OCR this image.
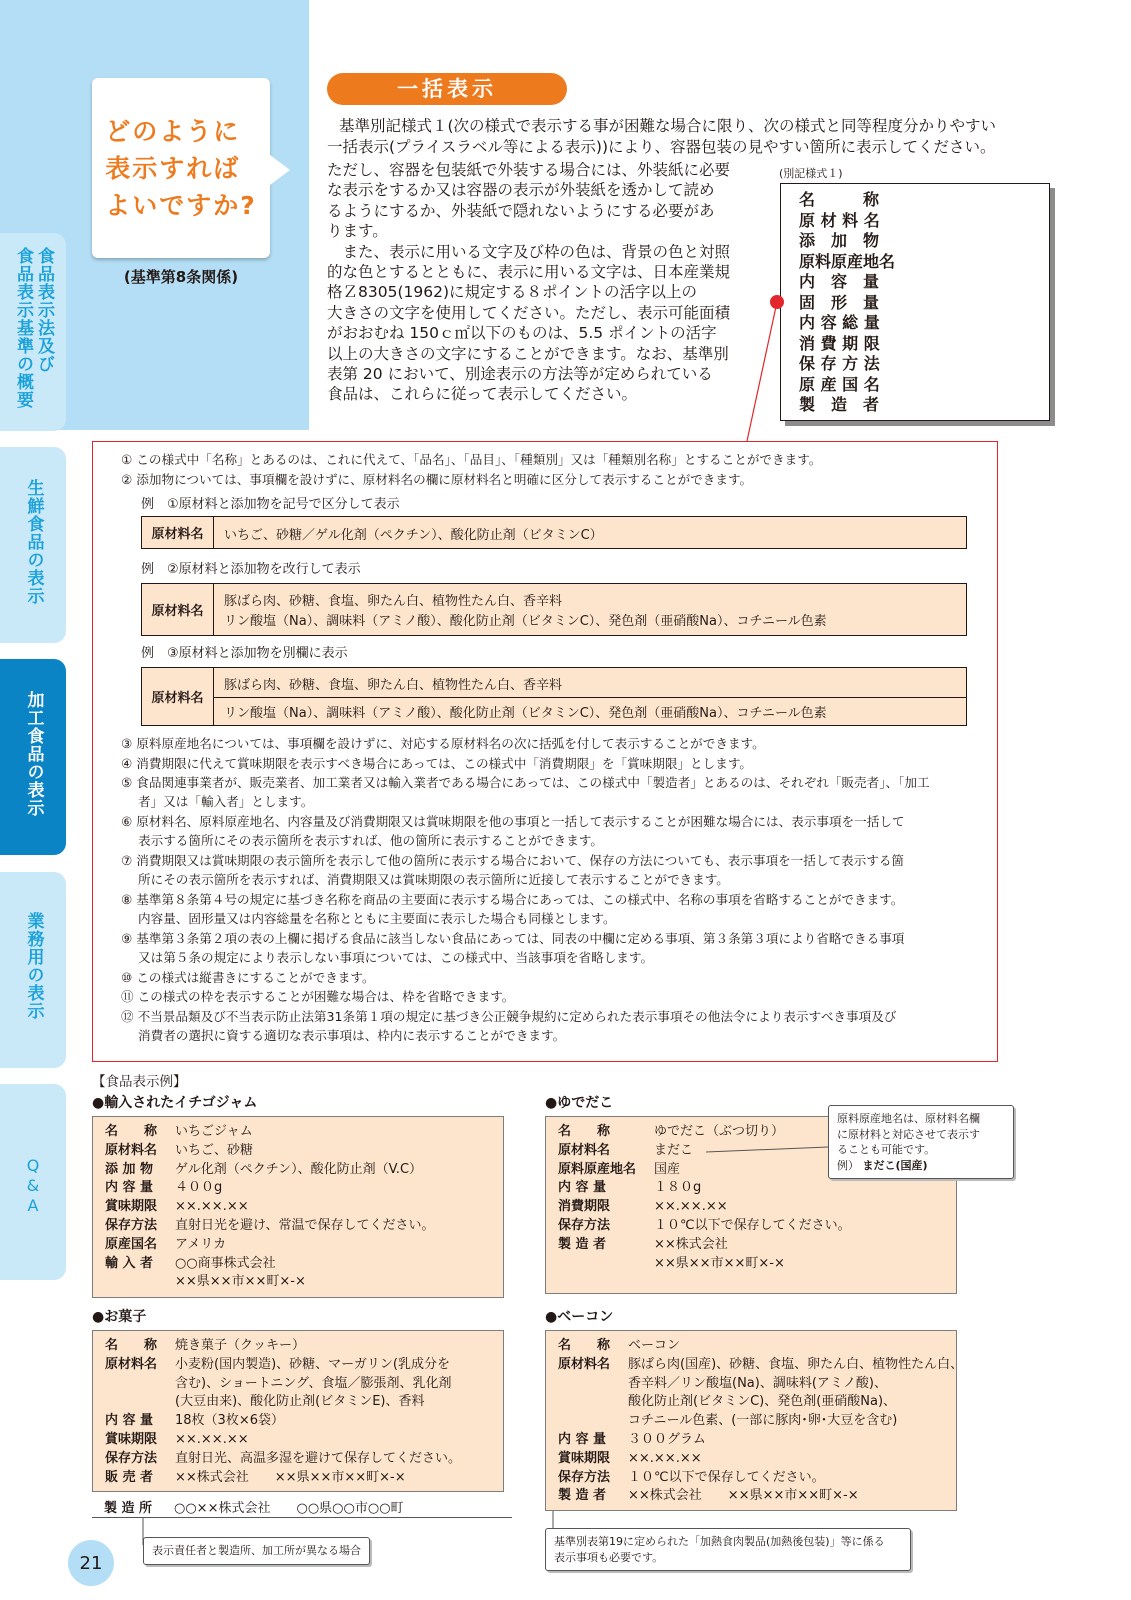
食品表示法及び
食品表示基準の概要
生鮮食品の表示
加工食品の表示
業務用の表示
Q&A
どのように
表示すれば
よいですか?
(基準第8条関係)
一括表示
基準別記様式１(次の様式で表示する事が困難な場合に限り、次の様式と同等程度分かりやすい
一括表示(プライスラベル等による表示))により、容器包装の見やすい箇所に表示してください。
ただし、容器を包装紙で外装する場合には、外装紙に必要
な表示をするか又は容器の表示が外装紙を透かして読め
るようにするか、外装紙で隠れないようにする必要があ
ります。
　また、表示に用いる文字及び枠の色は、背景の色と対照
的な色とするとともに、表示に用いる文字は、日本産業規
格Ｚ8305(1962)に規定する８ポイントの活字以上の
大きさの文字を使用してください。ただし、表示可能面積
がおおむね 150ｃ㎡以下のものは、5.5 ポイントの活字
以上の大きさの文字にすることができます。なお、基準別
表第 20 において、別途表示の方法等が定められている
食品は、これらに従って表示してください。
(別記様式１)
名　　　称
原 材 料 名
添　加　物
原料原産地名
内　容　量
固　形　量
内 容 総 量
消 費 期 限
保 存 方 法
原 産 国 名
製　造　者
① この様式中「名称」とあるのは、これに代えて、「品名」、「品目」、「種類別」又は「種類別名称」とすることができます。
② 添加物については、事項欄を設けずに、原材料名の欄に原材料名と明確に区分して表示することができます。
例　①原材料と添加物を記号で区分して表示
原材料名	いちご、砂糖／ゲル化剤（ペクチン）、酸化防止剤（ビタミンC）
例　②原材料と添加物を改行して表示
原材料名
豚ばら肉、砂糖、食塩、卵たん白、植物性たん白、香辛料
リン酸塩（Na）、調味料（アミノ酸）、酸化防止剤（ビタミンC）、発色剤（亜硝酸Na）、コチニール色素
例　③原材料と添加物を別欄に表示
原材料名
豚ばら肉、砂糖、食塩、卵たん白、植物性たん白、香辛料
リン酸塩（Na）、調味料（アミノ酸）、酸化防止剤（ビタミンC）、発色剤（亜硝酸Na）、コチニール色素
③ 原料原産地名については、事項欄を設けずに、対応する原材料名の次に括弧を付して表示することができます。
④ 消費期限に代えて賞味期限を表示すべき場合にあっては、この様式中「消費期限」を「賞味期限」とします。
⑤ 食品関連事業者が、販売業者、加工業者又は輸入業者である場合にあっては、この様式中「製造者」とあるのは、それぞれ「販売者」、「加工
者」又は「輸入者」とします。
⑥ 原材料名、原料原産地名、内容量及び消費期限又は賞味期限を他の事項と一括して表示することが困難な場合には、表示事項を一括して
表示する箇所にその表示箇所を表示すれば、他の箇所に表示することができます。
⑦ 消費期限又は賞味期限の表示箇所を表示して他の箇所に表示する場合において、保存の方法についても、表示事項を一括して表示する箇
所にその表示箇所を表示すれば、消費期限又は賞味期限の表示箇所に近接して表示することができます。
⑧ 基準第８条第４号の規定に基づき名称を商品の主要面に表示する場合にあっては、この様式中、名称の事項を省略することができます。
内容量、固形量又は内容総量を名称とともに主要面に表示した場合も同様とします。
⑨ 基準第３条第２項の表の上欄に掲げる食品に該当しない食品にあっては、同表の中欄に定める事項、第３条第３項により省略できる事項
又は第５条の規定により表示しない事項については、この様式中、当該事項を省略します。
⑩ この様式は縦書きにすることができます。
⑪ この様式の枠を表示することが困難な場合は、枠を省略できます。
⑫ 不当景品類及び不当表示防止法第31条第１項の規定に基づき公正競争規約に定められた表示事項その他法令により表示すべき事項及び
消費者の選択に資する適切な表示事項は、枠内に表示することができます。
【食品表示例】
●輸入されたイチゴジャム
名　　称	いちごジャム
原材料名	いちご、砂糖
添 加 物	ゲル化剤（ペクチン）、酸化防止剤（V.C）
内 容 量	４００g
賞味期限	××.××.××
保存方法	直射日光を避け、常温で保存してください。
原産国名	アメリカ
輸 入 者	○○商事株式会社
××県××市××町×-×
●ゆでだこ
名　　称	ゆでだこ（ぶつ切り）
原材料名	まだこ
原料原産地名	国産
内 容 量	１８０g
消費期限	××.××.××
保存方法	１０℃以下で保存してください。
製 造 者	××株式会社
××県××市××町×-×
原料原産地名は、原材料名欄
に原材料と対応させて表示す
ることも可能です。
例） まだこ(国産)
●お菓子
名　　称	焼き菓子（クッキー）
原材料名	小麦粉(国内製造)、砂糖、マーガリン(乳成分を
含む)、ショートニング、食塩／膨張剤、乳化剤
(大豆由来)、酸化防止剤(ビタミンE)、香料
内 容 量	18枚（3枚×6袋）
賞味期限	××.××.××
保存方法	直射日光、高温多湿を避けて保存してください。
販 売 者	××株式会社　　××県××市××町×-×
製 造 所	○○××株式会社　　○○県○○市○○町
表示責任者と製造所、加工所が異なる場合
●ベーコン
名　　称	ベーコン
原材料名	豚ばら肉(国産)、砂糖、食塩、卵たん白、植物性たん白、
香辛料／リン酸塩(Na)、調味料(アミノ酸)、
酸化防止剤(ビタミンC)、発色剤(亜硝酸Na)、
コチニール色素、(一部に豚肉･卵･大豆を含む)
内 容 量	３００グラム
賞味期限	××.××.××
保存方法	１０℃以下で保存してください。
製 造 者	××株式会社　　××県××市××町×-×
基準別表第19に定められた「加熱食肉製品(加熱後包装)」等に係る
表示事項も必要です。
21
